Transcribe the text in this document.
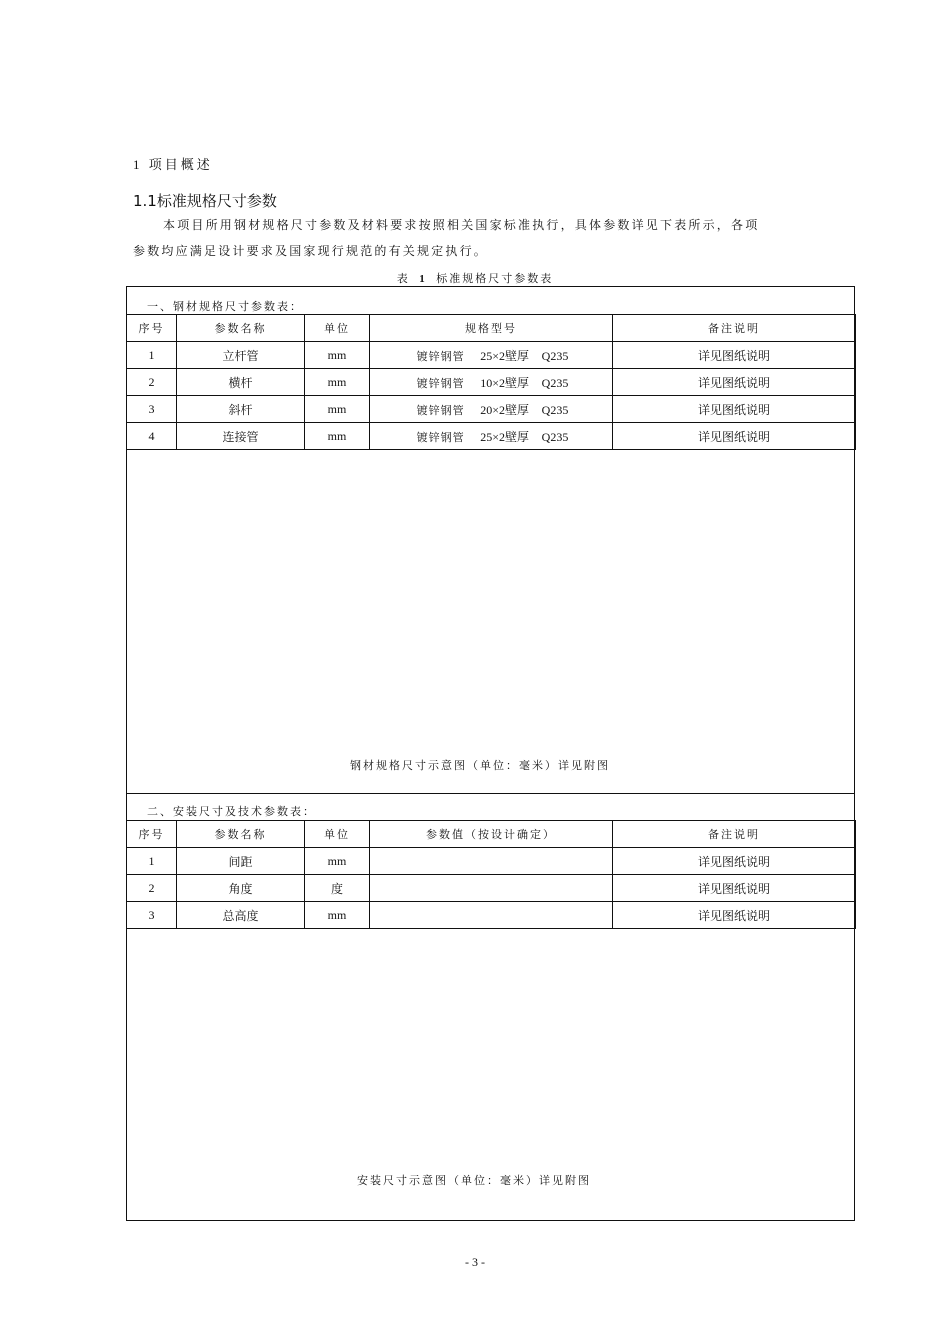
1 项目概述
1.1标准规格尺寸参数
本项目所用钢材规格尺寸参数及材料要求按照相关国家标准执行，具体参数详见下表所示，各项
参数均应满足设计要求及国家现行规范的有关规定执行。
表 1 标准规格尺寸参数表
一、钢材规格尺寸参数表：
序号	参数名称	单位	规格型号	备注说明
1	立杆管	mm	镀锌钢管 25×2壁厚 Q235	详见图纸说明
2	横杆	mm	镀锌钢管 10×2壁厚 Q235	详见图纸说明
3	斜杆	mm	镀锌钢管 20×2壁厚 Q235	详见图纸说明
4	连接管	mm	镀锌钢管 25×2壁厚 Q235	详见图纸说明
钢材规格尺寸示意图（单位：毫米）详见附图
二、安装尺寸及技术参数表：
序号	参数名称	单位	参数值（按设计确定）	备注说明
1	间距	mm		详见图纸说明
2	角度	度		详见图纸说明
3	总高度	mm		详见图纸说明
安装尺寸示意图（单位：毫米）详见附图
- 3 -
